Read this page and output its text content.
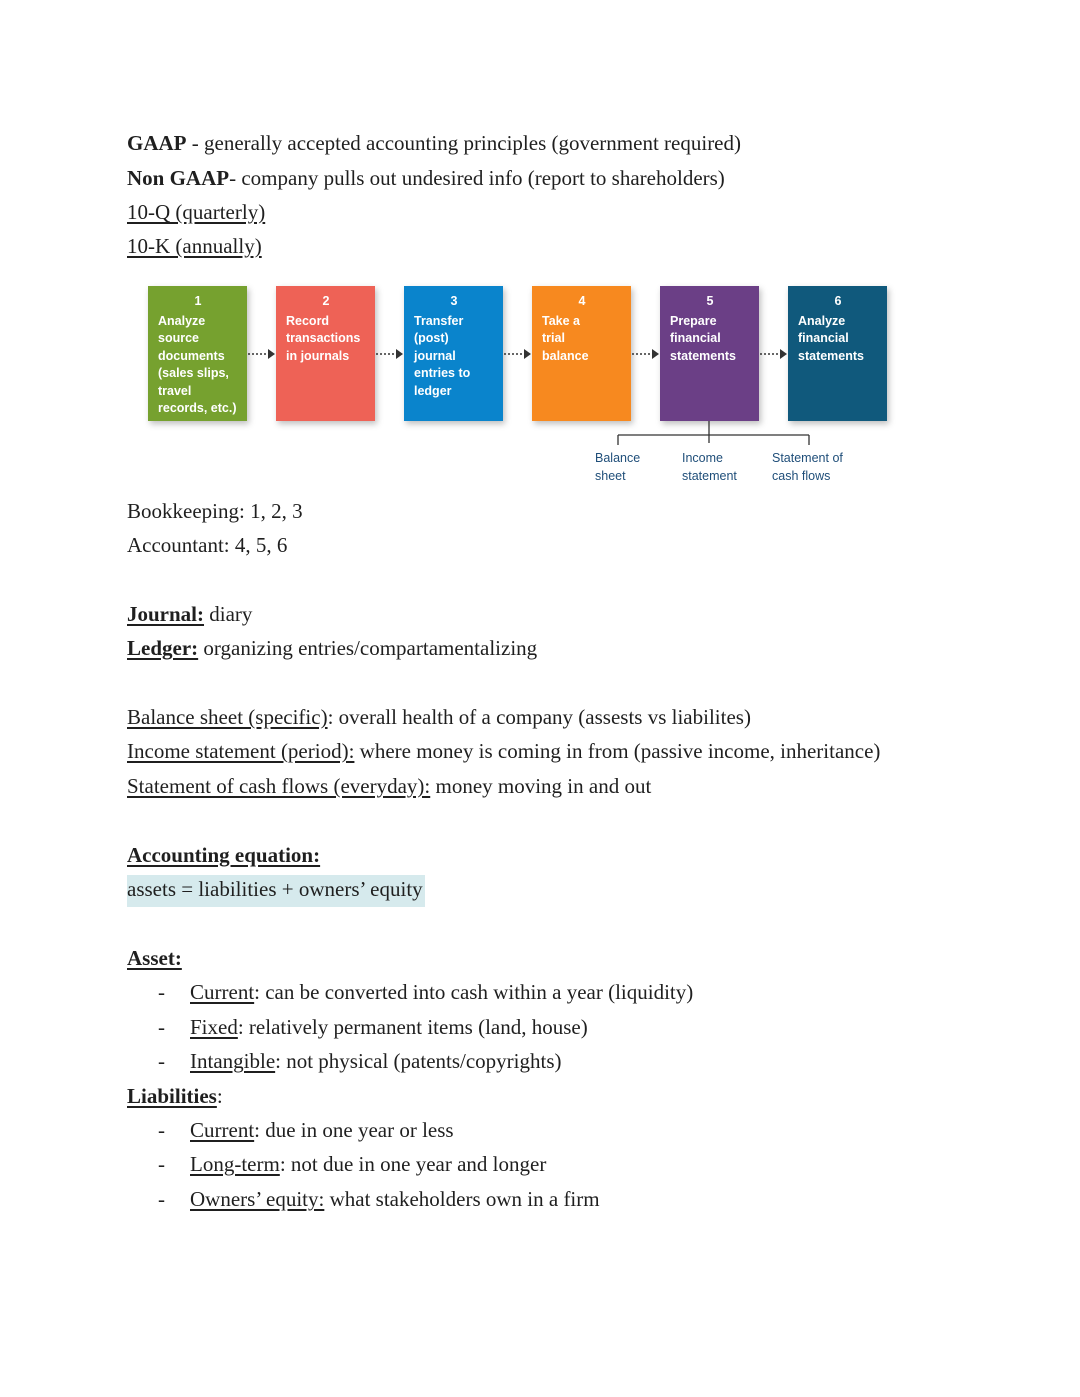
GAAP - generally accepted accounting principles (government required)
Non GAAP- company pulls out undesired info (report to shareholders)
10-Q (quarterly)
10-K (annually)
1
Analyze
source
documents
(sales slips,
travel
records, etc.)
2
Record
transactions
in journals
3
Transfer
(post)
journal
entries to
ledger
4
Take a
trial
balance
5
Prepare
financial
statements
6
Analyze
financial
statements
Balance
sheet
Income
statement
Statement of
cash flows
Bookkeeping: 1, 2, 3
Accountant: 4, 5, 6
Journal: diary
Ledger: organizing entries/compartamentalizing
Balance sheet (specific): overall health of a company (assests vs liabilites)
Income statement (period): where money is coming in from (passive income, inheritance)
Statement of cash flows (everyday): money moving in and out
Accounting equation:
assets = liabilities + owners’ equity
Asset:
- Current: can be converted into cash within a year (liquidity)
- Fixed: relatively permanent items (land, house)
- Intangible: not physical (patents/copyrights)
Liabilities:
- Current: due in one year or less
- Long-term: not due in one year and longer
- Owners’ equity: what stakeholders own in a firm
